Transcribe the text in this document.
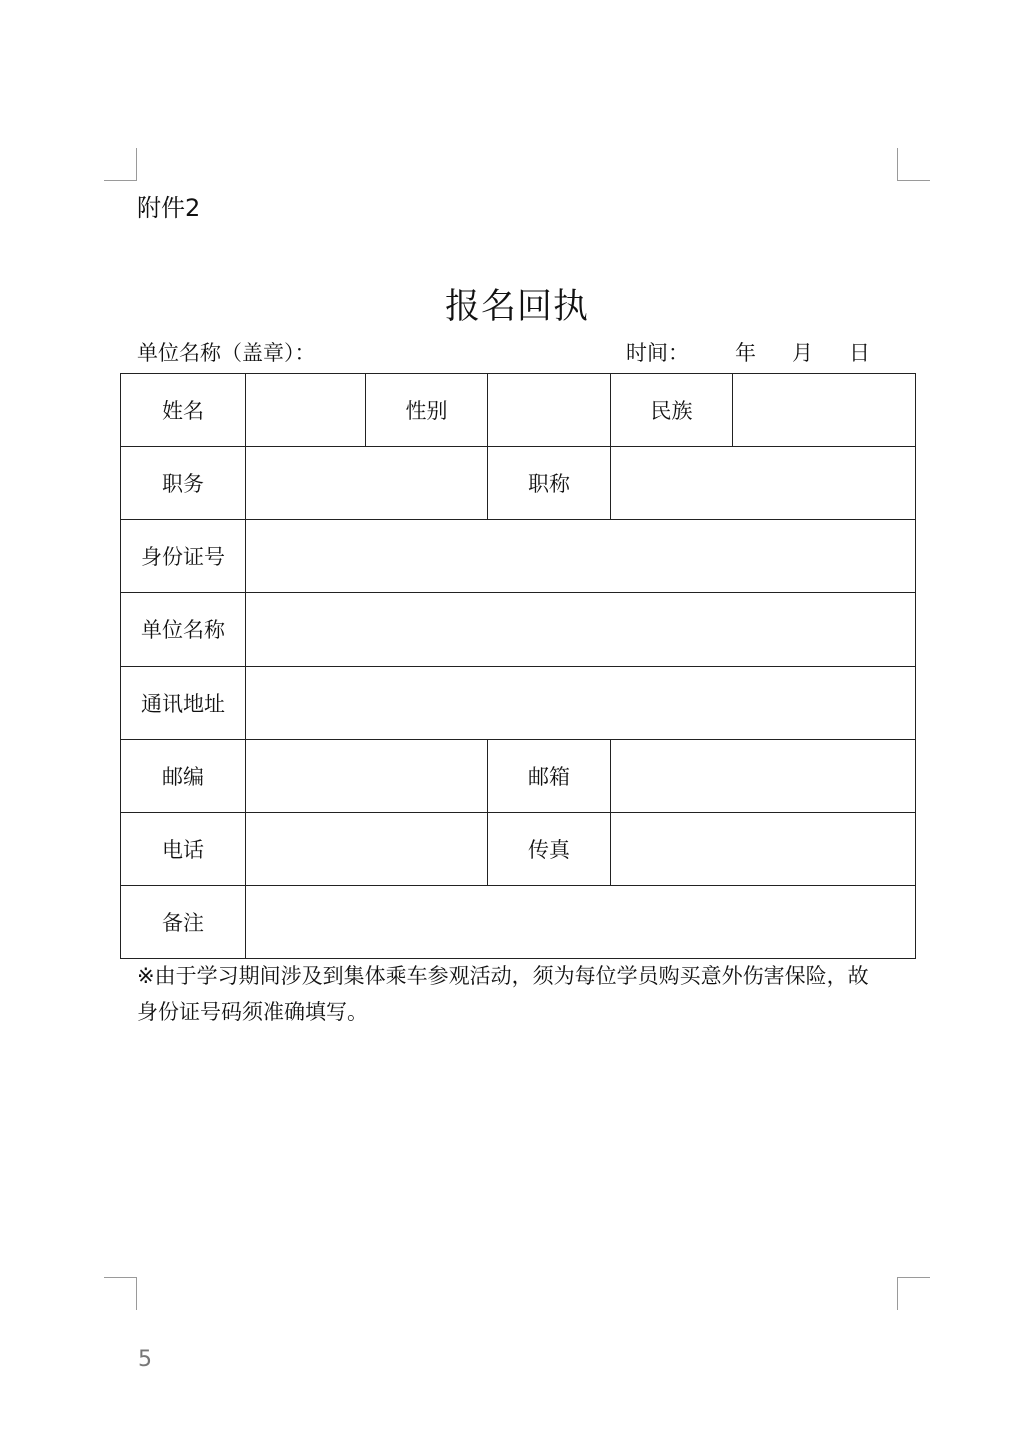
附件2
报名回执
单位名称（盖章）：	时间： 年 月 日
姓名		性别		民族	
职务			职称		
身份证号					
单位名称					
通讯地址					
邮编			邮箱		
电话			传真		
备注					
※由于学习期间涉及到集体乘车参观活动，须为每位学员购买意外伤害保险，故身份证号码须准确填写。
5
